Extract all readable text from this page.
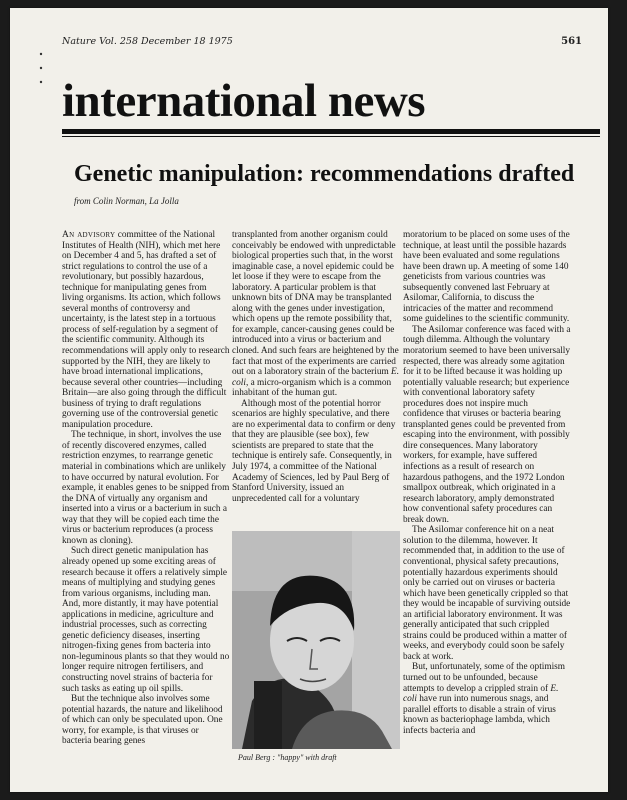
Nature Vol. 258 December 18 1975	561
international news
Genetic manipulation: recommendations drafted
from Colin Norman, La Jolla

An advisory committee of the National Institutes of Health (NIH), which met here on December 4 and 5, has drafted a set of strict regulations to control the use of a revolutionary, but possibly hazardous, technique for manipulating genes from living organisms. Its action, which follows several months of controversy and uncertainty, is the latest step in a tortuous process of self-regulation by a segment of the scientific community. Although its recommendations will apply only to research supported by the NIH, they are likely to have broad international implications, because several other countries—including Britain—are also going through the difficult business of trying to draft regulations governing use of the controversial genetic manipulation procedure.

The technique, in short, involves the use of recently discovered enzymes, called restriction enzymes, to rearrange genetic material in combinations which are unlikely to have occurred by natural evolution. For example, it enables genes to be snipped from the DNA of virtually any organism and inserted into a virus or a bacterium in such a way that they will be copied each time the virus or bacterium reproduces (a process known as cloning).

Such direct genetic manipulation has already opened up some exciting areas of research because it offers a relatively simple means of multiplying and studying genes from various organisms, including man. And, more distantly, it may have potential applications in medicine, agriculture and industrial processes, such as correcting genetic deficiency diseases, inserting nitrogen-fixing genes from bacteria into non-leguminous plants so that they would no longer require nitrogen fertilisers, and constructing novel strains of bacteria for such tasks as eating up oil spills.

But the technique also involves some potential hazards, the nature and likelihood of which can only be speculated upon. One worry, for example, is that viruses or bacteria bearing genes

transplanted from another organism could conceivably be endowed with unpredictable biological properties such that, in the worst imaginable case, a novel epidemic could be let loose if they were to escape from the laboratory. A particular problem is that unknown bits of DNA may be transplanted along with the genes under investigation, which opens up the remote possibility that, for example, cancer-causing genes could be introduced into a virus or bacterium and cloned. And such fears are heightened by the fact that most of the experiments are carried out on a laboratory strain of the bacterium E. coli, a micro-organism which is a common inhabitant of the human gut.

Although most of the potential horror scenarios are highly speculative, and there are no experimental data to confirm or deny that they are plausible (see box), few scientists are prepared to state that the technique is entirely safe. Consequently, in July 1974, a committee of the National Academy of Sciences, led by Paul Berg of Stanford University, issued an unprecedented call for a voluntary

Paul Berg : "happy" with draft

moratorium to be placed on some uses of the technique, at least until the possible hazards have been evaluated and some regulations have been drawn up. A meeting of some 140 geneticists from various countries was subsequently convened last February at Asilomar, California, to discuss the intricacies of the matter and recommend some guidelines to the scientific community.

The Asilomar conference was faced with a tough dilemma. Although the voluntary moratorium seemed to have been universally respected, there was already some agitation for it to be lifted because it was holding up potentially valuable research; but experience with conventional laboratory safety procedures does not inspire much confidence that viruses or bacteria bearing transplanted genes could be prevented from escaping into the environment, with possibly dire consequences. Many laboratory workers, for example, have suffered infections as a result of research on hazardous pathogens, and the 1972 London smallpox outbreak, which originated in a research laboratory, amply demonstrated how conventional safety procedures can break down.

The Asilomar conference hit on a neat solution to the dilemma, however. It recommended that, in addition to the use of conventional, physical safety precautions, potentially hazardous experiments should only be carried out on viruses or bacteria which have been genetically crippled so that they would be incapable of surviving outside an artificial laboratory environment. It was generally anticipated that such crippled strains could be produced within a matter of weeks, and everybody could soon be safely back at work.

But, unfortunately, some of the optimism turned out to be unfounded, because attempts to develop a crippled strain of E. coli have run into numerous snags, and parallel efforts to disable a strain of virus known as bacteriophage lambda, which infects bacteria and
